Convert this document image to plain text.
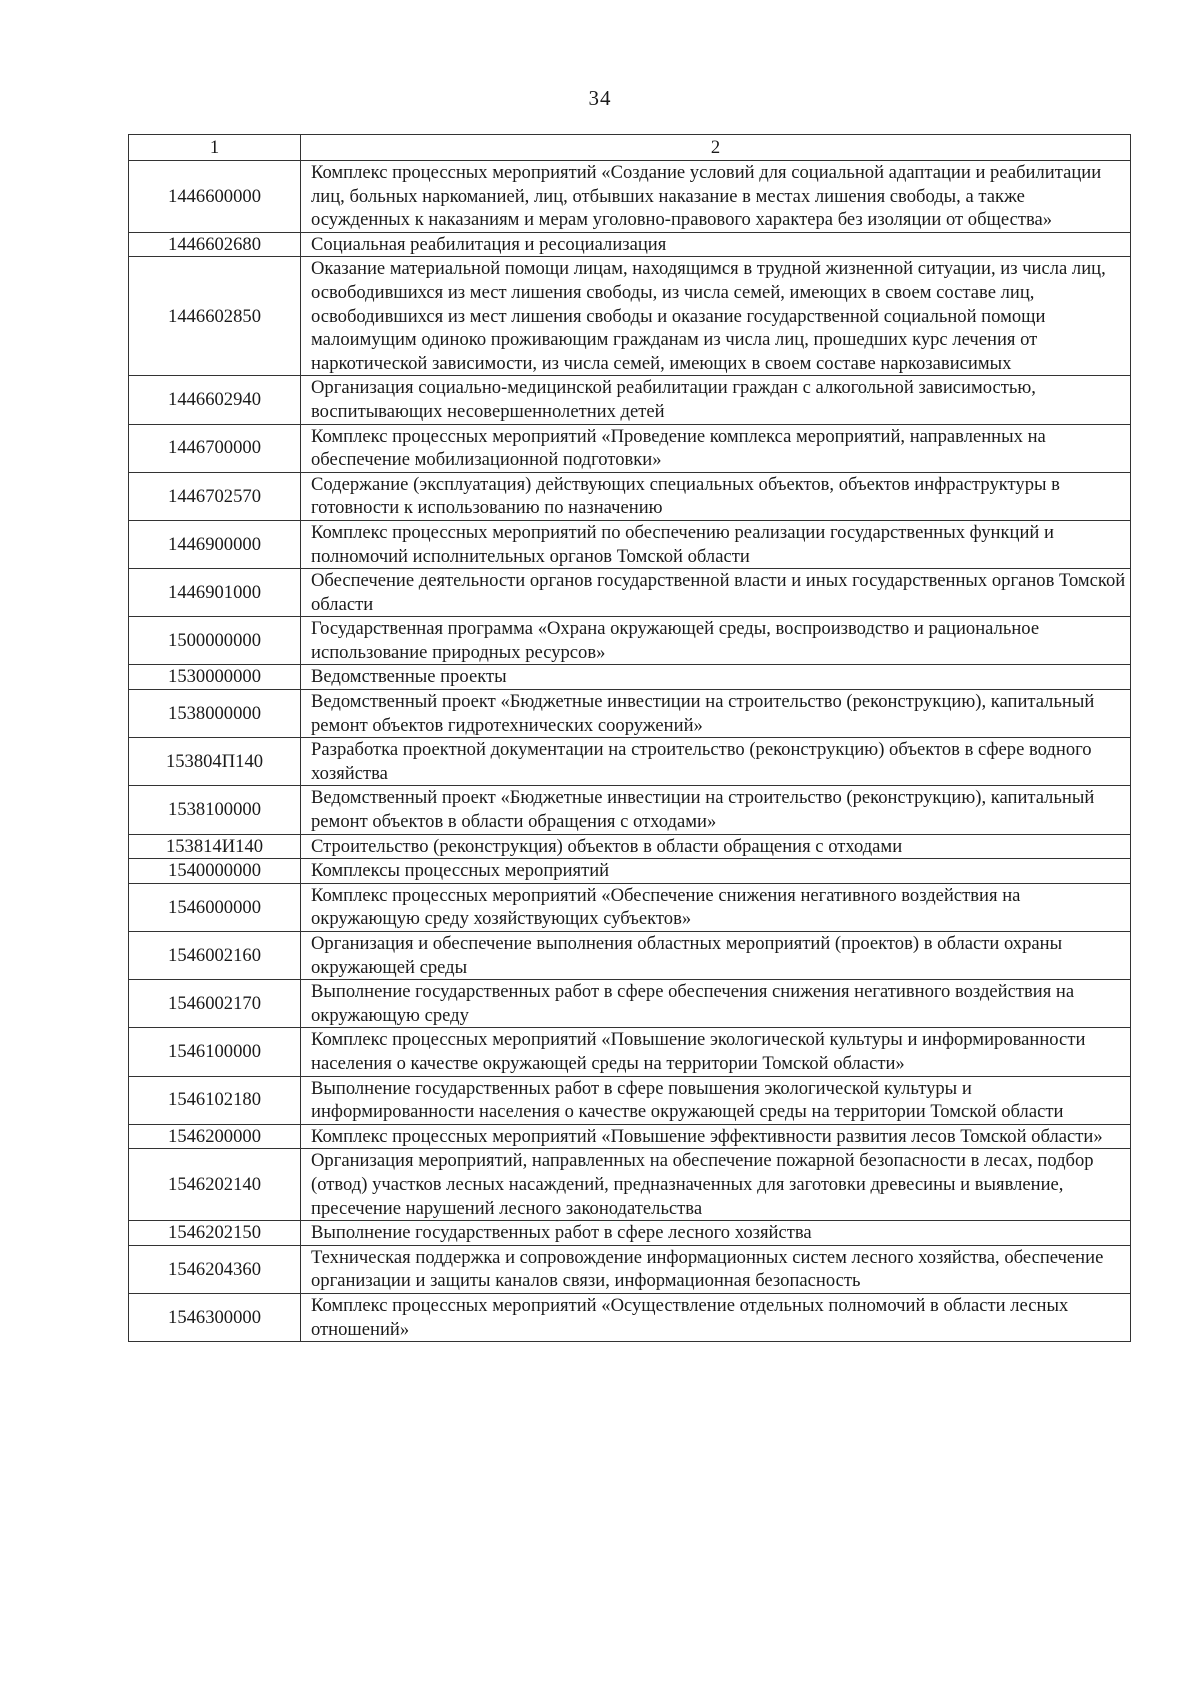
34
1	2
1446600000	Комплекс процессных мероприятий «Создание условий для социальной адаптации и реабилитации лиц, больных наркоманией, лиц, отбывших наказание в местах лишения свободы, а также осужденных к наказаниям и мерам уголовно-правового характера без изоляции от общества»
1446602680	Социальная реабилитация и ресоциализация
1446602850	Оказание материальной помощи лицам, находящимся в трудной жизненной ситуации, из числа лиц, освободившихся из мест лишения свободы, из числа семей, имеющих в своем составе лиц, освободившихся из мест лишения свободы и оказание государственной социальной помощи малоимущим одиноко проживающим гражданам из числа лиц, прошедших курс лечения от наркотической зависимости, из числа семей, имеющих в своем составе наркозависимых
1446602940	Организация социально-медицинской реабилитации граждан с алкогольной зависимостью, воспитывающих несовершеннолетних детей
1446700000	Комплекс процессных мероприятий «Проведение комплекса мероприятий, направленных на обеспечение мобилизационной подготовки»
1446702570	Содержание (эксплуатация) действующих специальных объектов, объектов инфраструктуры в готовности к использованию по назначению
1446900000	Комплекс процессных мероприятий по обеспечению реализации государственных функций и полномочий исполнительных органов Томской области
1446901000	Обеспечение деятельности органов государственной власти и иных государственных органов Томской области
1500000000	Государственная программа «Охрана окружающей среды, воспроизводство и рациональное использование природных ресурсов»
1530000000	Ведомственные проекты
1538000000	Ведомственный проект «Бюджетные инвестиции на строительство (реконструкцию), капитальный ремонт объектов гидротехнических сооружений»
153804П140	Разработка проектной документации на строительство (реконструкцию) объектов в сфере водного хозяйства
1538100000	Ведомственный проект «Бюджетные инвестиции на строительство (реконструкцию), капитальный ремонт объектов в области обращения с отходами»
153814И140	Строительство (реконструкция) объектов в области обращения с отходами
1540000000	Комплексы процессных мероприятий
1546000000	Комплекс процессных мероприятий «Обеспечение снижения негативного воздействия на окружающую среду хозяйствующих субъектов»
1546002160	Организация и обеспечение выполнения областных мероприятий (проектов) в области охраны окружающей среды
1546002170	Выполнение государственных работ в сфере обеспечения снижения негативного воздействия на окружающую среду
1546100000	Комплекс процессных мероприятий «Повышение экологической культуры и информированности населения о качестве окружающей среды на территории Томской области»
1546102180	Выполнение государственных работ в сфере повышения экологической культуры и информированности населения о качестве окружающей среды на территории Томской области
1546200000	Комплекс процессных мероприятий «Повышение эффективности развития лесов Томской области»
1546202140	Организация мероприятий, направленных на обеспечение пожарной безопасности в лесах, подбор (отвод) участков лесных насаждений, предназначенных для заготовки древесины и выявление, пресечение нарушений лесного законодательства
1546202150	Выполнение государственных работ в сфере лесного хозяйства
1546204360	Техническая поддержка и сопровождение информационных систем лесного хозяйства, обеспечение организации и защиты каналов связи, информационная безопасность
1546300000	Комплекс процессных мероприятий «Осуществление отдельных полномочий в области лесных отношений»
